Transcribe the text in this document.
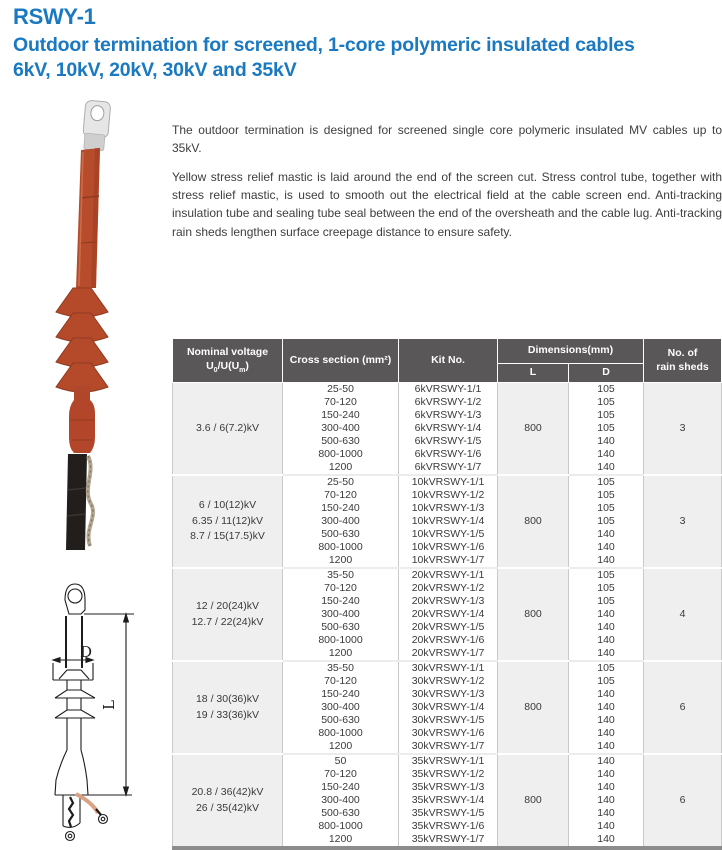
RSWY-1
Outdoor termination for screened, 1-core polymeric insulated cables
6kV, 10kV, 20kV, 30kV and 35kV

The outdoor termination is designed for screened single core polymeric insulated MV cables up to 35kV.

Yellow stress relief mastic is laid around the end of the screen cut. Stress control tube, together with stress relief mastic, is used to smooth out the electrical field at the cable screen end. Anti-tracking insulation tube and sealing tube seal between the end of the oversheath and the cable lug. Anti-tracking rain sheds lengthen surface creepage distance to ensure safety.

D
L
Nominal voltage
$U_0/U(U_m)$
	Cross section (mm²)	Kit No.	Dimensions(mm)	No. of
rain sheds

			L	D	

3.6 / 6(7.2)kV	25-50	6kVRSWY-1/1	800	105	3
	70-120	6kVRSWY-1/2		105	
	150-240	6kVRSWY-1/3		105	
	300-400	6kVRSWY-1/4		105	
	500-630	6kVRSWY-1/5		140	
	800-1000	6kVRSWY-1/6		140	
	1200	6kVRSWY-1/7		140	

6 / 10(12)kV
6.35 / 11(12)kV
8.7 / 15(17.5)kV	25-50	10kVRSWY-1/1	800	105	3
	70-120	10kVRSWY-1/2		105	
	150-240	10kVRSWY-1/3		105	
	300-400	10kVRSWY-1/4		105	
	500-630	10kVRSWY-1/5		140	
	800-1000	10kVRSWY-1/6		140	
	1200	10kVRSWY-1/7		140	

12 / 20(24)kV
12.7 / 22(24)kV	35-50	20kVRSWY-1/1	800	105	4
	70-120	20kVRSWY-1/2		105	
	150-240	20kVRSWY-1/3		105	
	300-400	20kVRSWY-1/4		140	
	500-630	20kVRSWY-1/5		140	
	800-1000	20kVRSWY-1/6		140	
	1200	20kVRSWY-1/7		140	

18 / 30(36)kV
19 / 33(36)kV	35-50	30kVRSWY-1/1	800	105	6
	70-120	30kVRSWY-1/2		105	
	150-240	30kVRSWY-1/3		140	
	300-400	30kVRSWY-1/4		140	
	500-630	30kVRSWY-1/5		140	
	800-1000	30kVRSWY-1/6		140	
	1200	30kVRSWY-1/7		140	

20.8 / 36(42)kV
26 / 35(42)kV	50	35kVRSWY-1/1	800	140	6
	70-120	35kVRSWY-1/2		140	
	150-240	35kVRSWY-1/3		140	
	300-400	35kVRSWY-1/4		140	
	500-630	35kVRSWY-1/5		140	
	800-1000	35kVRSWY-1/6		140	
	1200	35kVRSWY-1/7		140	
